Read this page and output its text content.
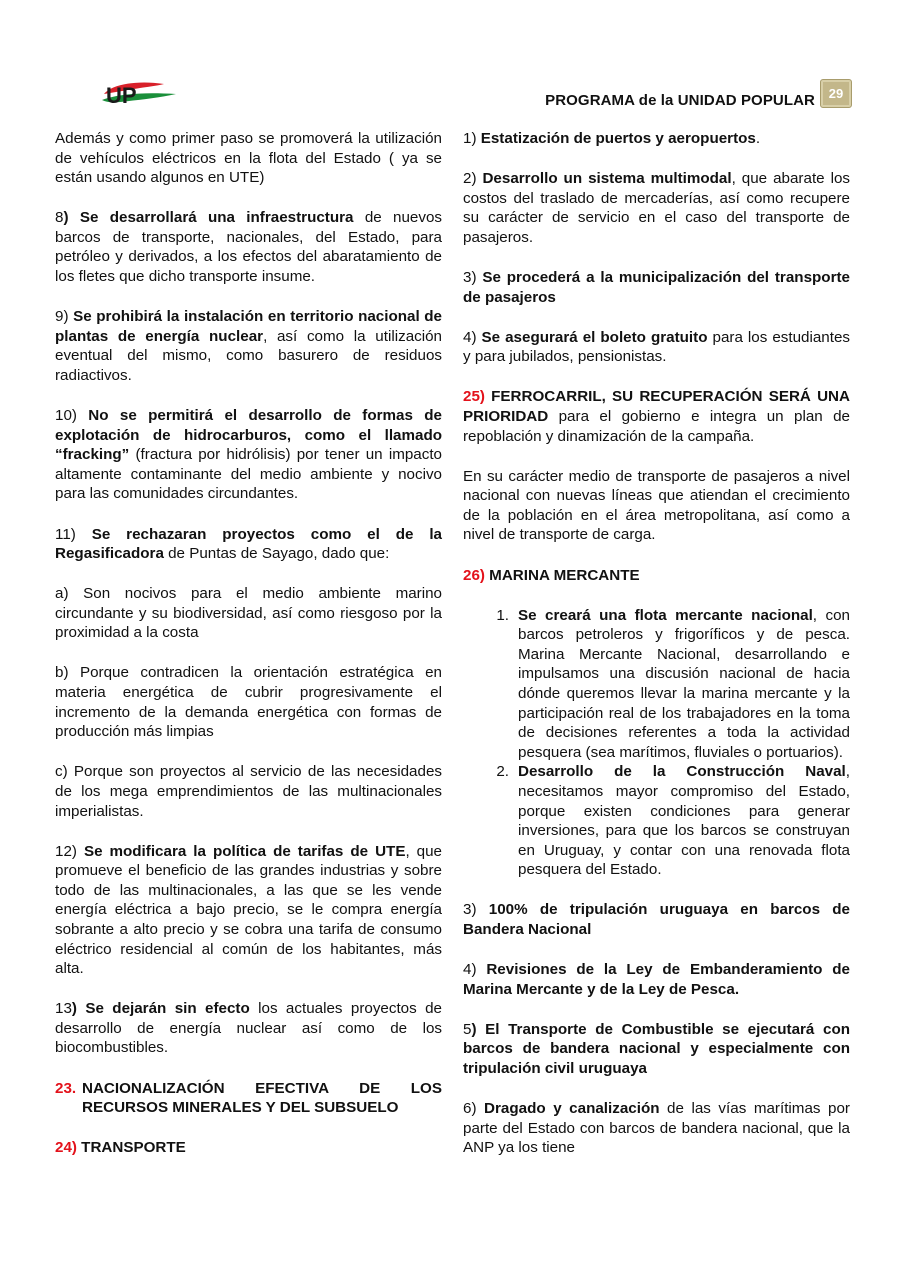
UP	PROGRAMA de la UNIDAD POPULAR	29

Además y como primer paso se promoverá la utilización de vehículos eléctricos en la flota del Estado ( ya se están usando algunos en UTE)

8) Se desarrollará una infraestructura de nuevos barcos de transporte, nacionales, del Estado, para petróleo y derivados, a los efectos del abaratamiento de los fletes que dicho transporte insume.

9) Se prohibirá la instalación en territorio nacional de plantas de energía nuclear, así como la utilización eventual del mismo, como basurero de residuos radiactivos.

10) No se permitirá el desarrollo de formas de explotación de hidrocarburos, como el llamado “fracking” (fractura por hidrólisis) por tener un impacto altamente contaminante del medio ambiente y nocivo para las comunidades circundantes.

11) Se rechazaran proyectos como el de la Regasificadora de Puntas de Sayago, dado que:

a) Son nocivos para el medio ambiente marino circundante y su biodiversidad, así como riesgoso por la proximidad a la costa

b) Porque contradicen la orientación estratégica en materia energética de cubrir progresivamente el incremento de la demanda energética con formas de producción más limpias

c) Porque son proyectos al servicio de las necesidades de los mega emprendimientos de las multinacionales imperialistas.

12) Se modificara la política de tarifas de UTE, que promueve el beneficio de las grandes industrias y sobre todo de las multinacionales, a las que se les vende energía eléctrica a bajo precio, se le compra energía sobrante a alto precio y se cobra una tarifa de consumo eléctrico residencial al común de los habitantes, más alta.

13) Se dejarán sin efecto los actuales proyectos de desarrollo de energía nuclear así como de los biocombustibles.

23. NACIONALIZACIÓN EFECTIVA DE LOS RECURSOS MINERALES Y DEL SUBSUELO

24) TRANSPORTE

1) Estatización de puertos y aeropuertos.

2) Desarrollo un sistema multimodal, que abarate los costos del traslado de mercaderías, así como recupere su carácter de servicio en el caso del transporte de pasajeros.

3) Se procederá a la municipalización del transporte de pasajeros

4) Se asegurará el boleto gratuito para los estudiantes y para jubilados, pensionistas.

25) FERROCARRIL, SU RECUPERACIÓN SERÁ UNA PRIORIDAD para el gobierno e integra un plan de repoblación y dinamización de la campaña.

En su carácter medio de transporte de pasajeros a nivel nacional con nuevas líneas que atiendan el crecimiento de la población en el área metropolitana, así como a nivel de transporte de carga.

26) MARINA MERCANTE

1. Se creará una flota mercante nacional, con barcos petroleros y frigoríficos y de pesca. Marina Mercante Nacional, desarrollando e impulsamos una discusión nacional de hacia dónde queremos llevar la marina mercante y la participación real de los trabajadores en la toma de decisiones referentes a toda la actividad pesquera (sea marítimos, fluviales o portuarios).
2. Desarrollo de la Construcción Naval, necesitamos mayor compromiso del Estado, porque existen condiciones para generar inversiones, para que los barcos se construyan en Uruguay, y contar con una renovada flota pesquera del Estado.

3) 100% de tripulación uruguaya en barcos de Bandera Nacional

4) Revisiones de la Ley de Embanderamiento de Marina Mercante y de la Ley de Pesca.

5) El Transporte de Combustible se ejecutará con barcos de bandera nacional y especialmente con tripulación civil uruguaya

6) Dragado y canalización de las vías marítimas por parte del Estado con barcos de bandera nacional, que la ANP ya los tiene
